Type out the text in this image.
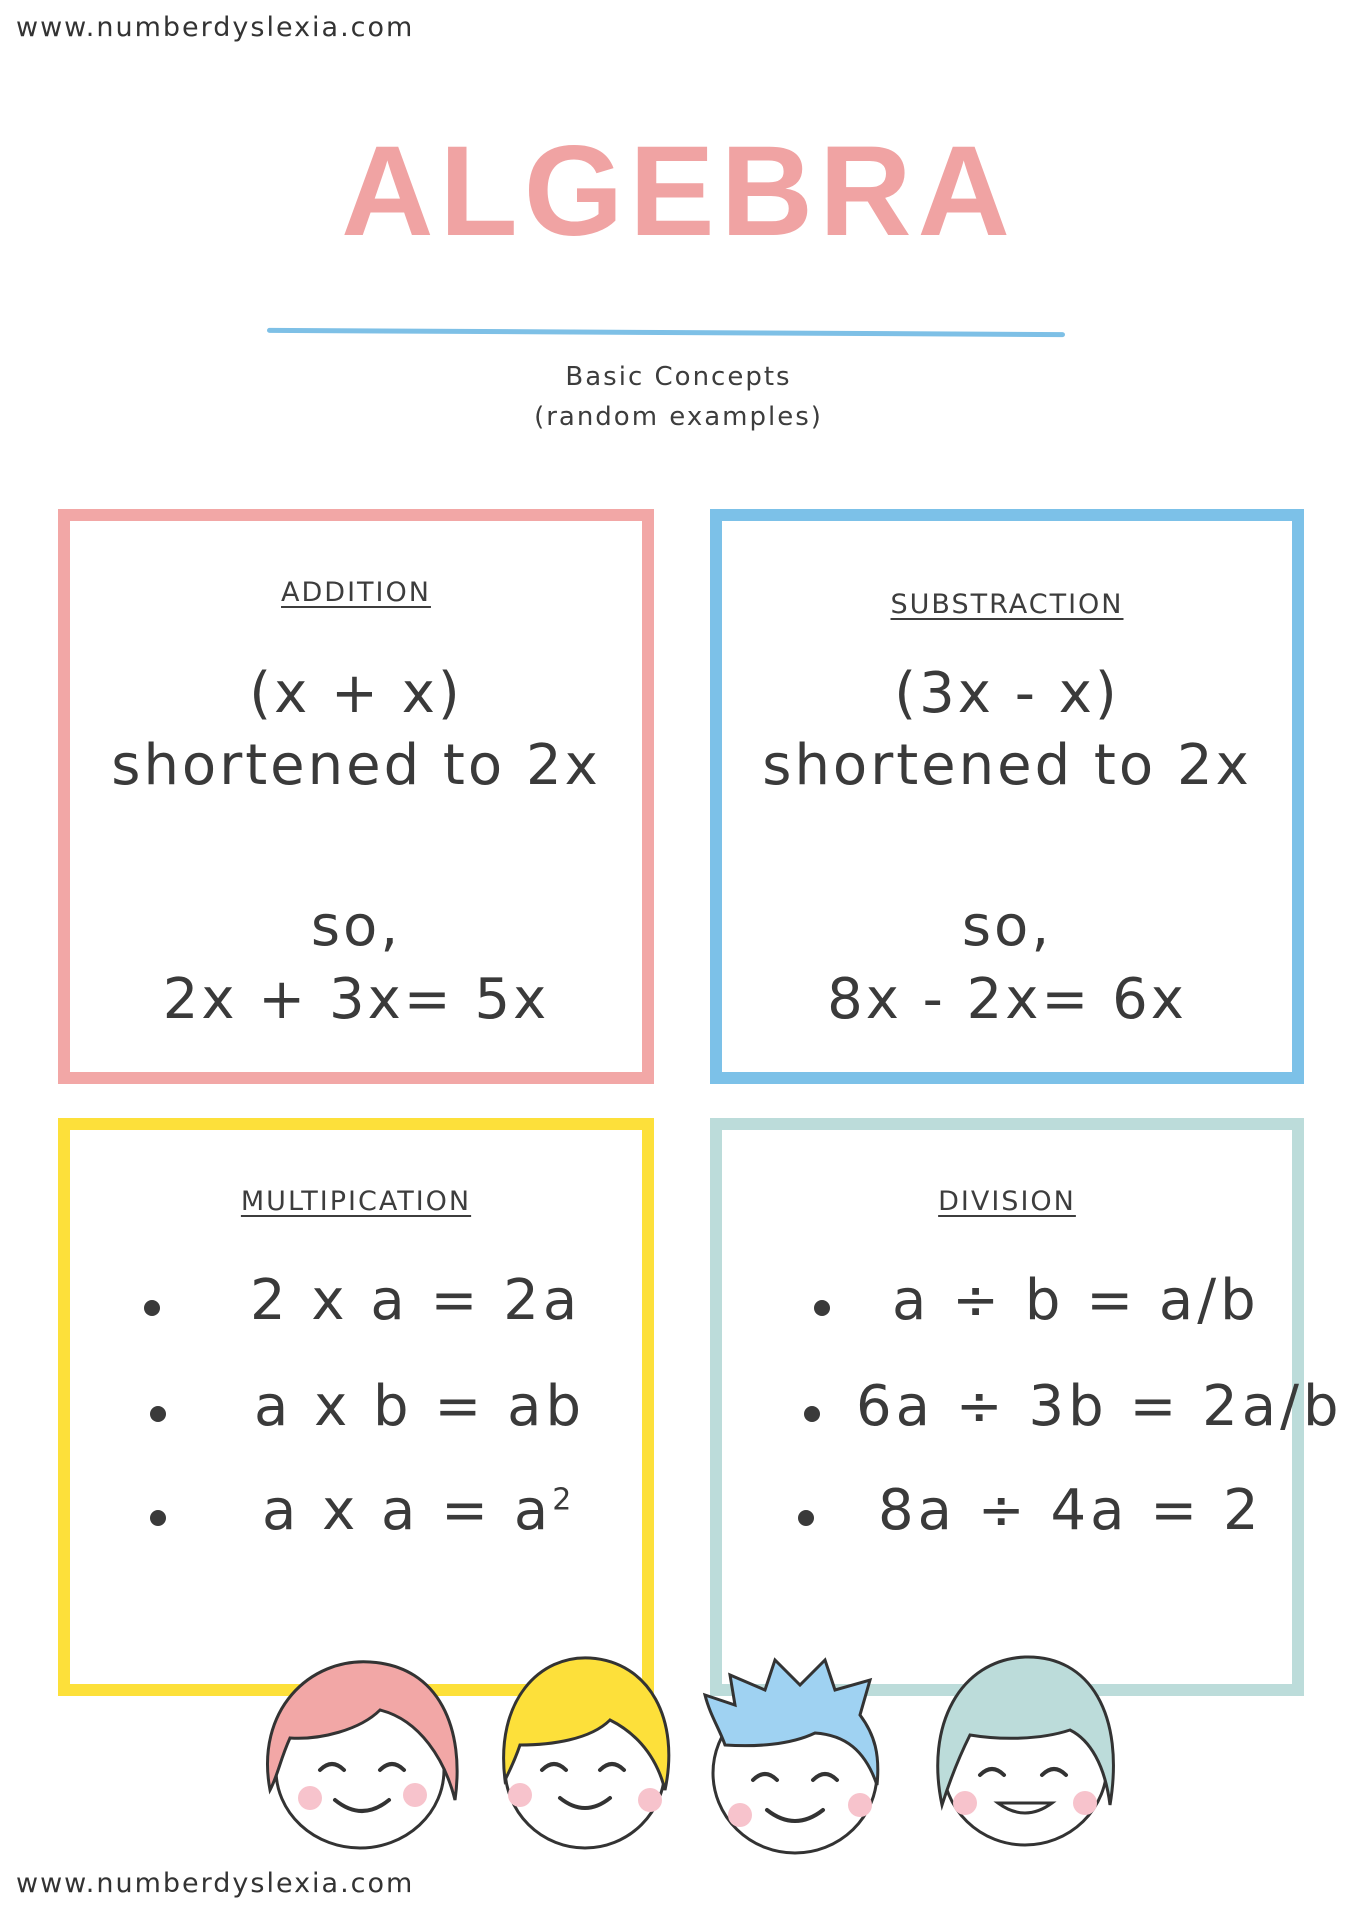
www.numberdyslexia.com
ALGEBRA
Basic Concepts
(random examples)
ADDITION
(x + x)
shortened to 2x
so,
2x + 3x= 5x
SUBSTRACTION
(3x - x)
shortened to 2x
so,
8x - 2x= 6x
MULTIPICATION
2 x a = 2a
a x b = ab
a x $a = a^2$
DIVISION
a ÷ b = a/b
6a ÷ 3b = 2a/b
8a ÷ 4a = 2
www.numberdyslexia.com
